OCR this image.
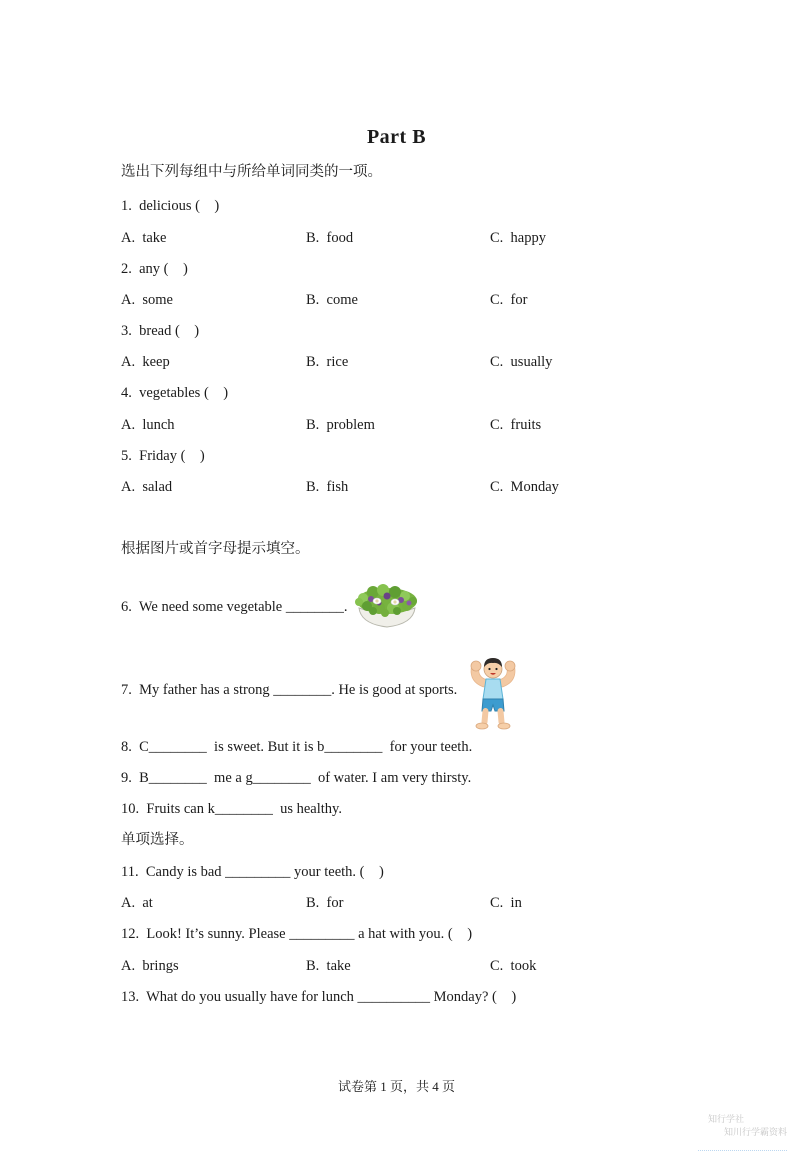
Part B
选出下列每组中与所给单词同类的一项。
1.  delicious (    )
A.  take	B.  food	C.  happy
2.  any (    )
A.  some	B.  come	C.  for
3.  bread (    )
A.  keep	B.  rice	C.  usually
4.  vegetables (    )
A.  lunch	B.  problem	C.  fruits
5.  Friday (    )
A.  salad	B.  fish	C.  Monday
根据图片或首字母提示填空。
6.  We need some vegetable ________.
7.  My father has a strong ________. He is good at sports.
8.  C________  is sweet. But it is b________  for your teeth.
9.  B________  me a g________  of water. I am very thirsty.
10.  Fruits can k________  us healthy.
单项选择。
11.  Candy is bad _________ your teeth. (    )
A.  at	B.  for	C.  in
12.  Look! It’s sunny. Please _________ a hat with you. (    )
A.  brings	B.  take	C.  took
13.  What do you usually have for lunch __________ Monday? (    )
试卷第 1 页，共 4 页

知行学社
知川行学霸资料
